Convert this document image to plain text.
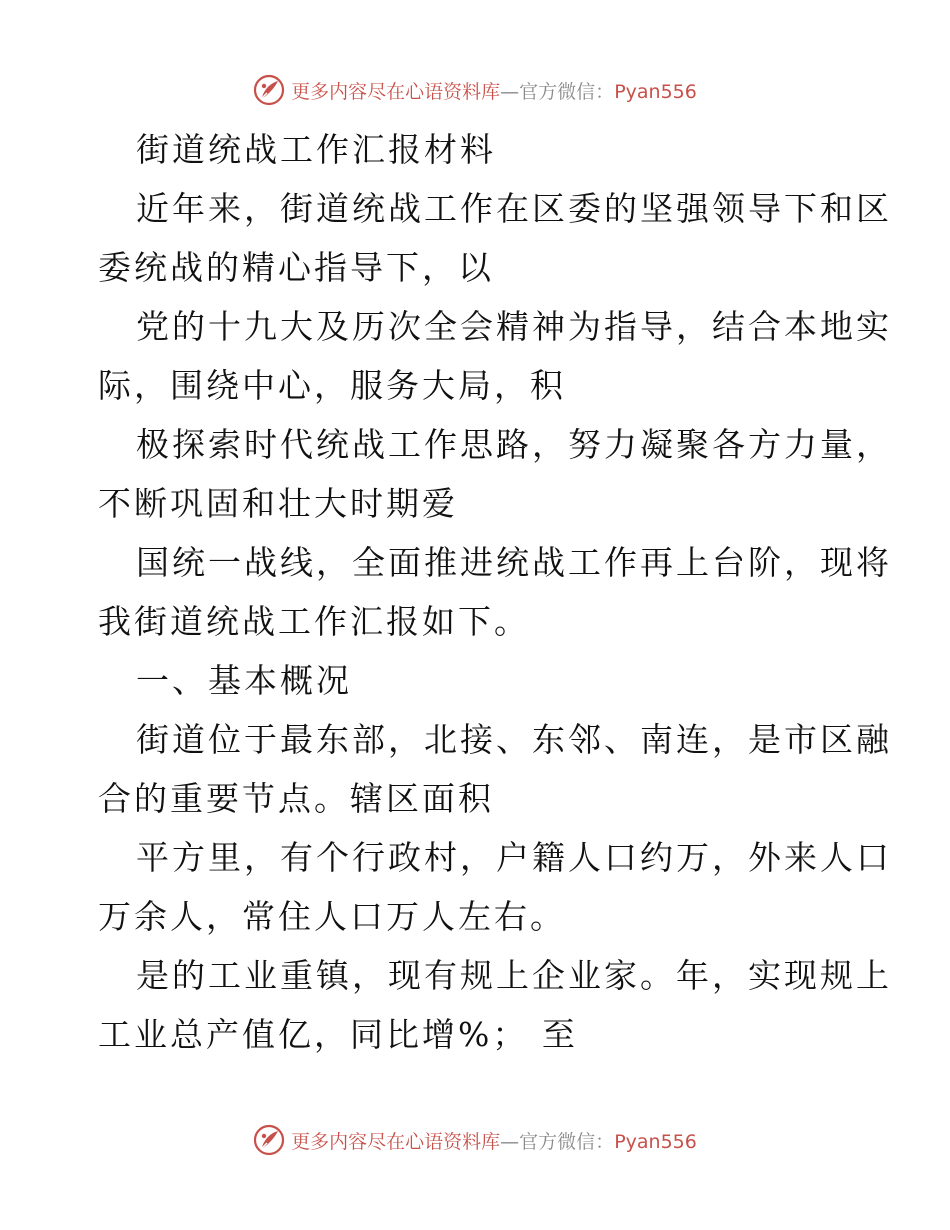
更多内容尽在心语资料库—官方微信：Pyan556
街道统战工作汇报材料
近年来，街道统战工作在区委的坚强领导下和区
委统战的精心指导下，以
党的十九大及历次全会精神为指导，结合本地实
际，围绕中心，服务大局，积
极探索时代统战工作思路，努力凝聚各方力量，
不断巩固和壮大时期爱
国统一战线，全面推进统战工作再上台阶，现将
我街道统战工作汇报如下。
一、基本概况
街道位于最东部，北接、东邻、南连，是市区融
合的重要节点。辖区面积
平方里，有个行政村，户籍人口约万，外来人口
万余人，常住人口万人左右。
是的工业重镇，现有规上企业家。年，实现规上
工业总产值亿，同比增%； 至
更多内容尽在心语资料库—官方微信：Pyan556
